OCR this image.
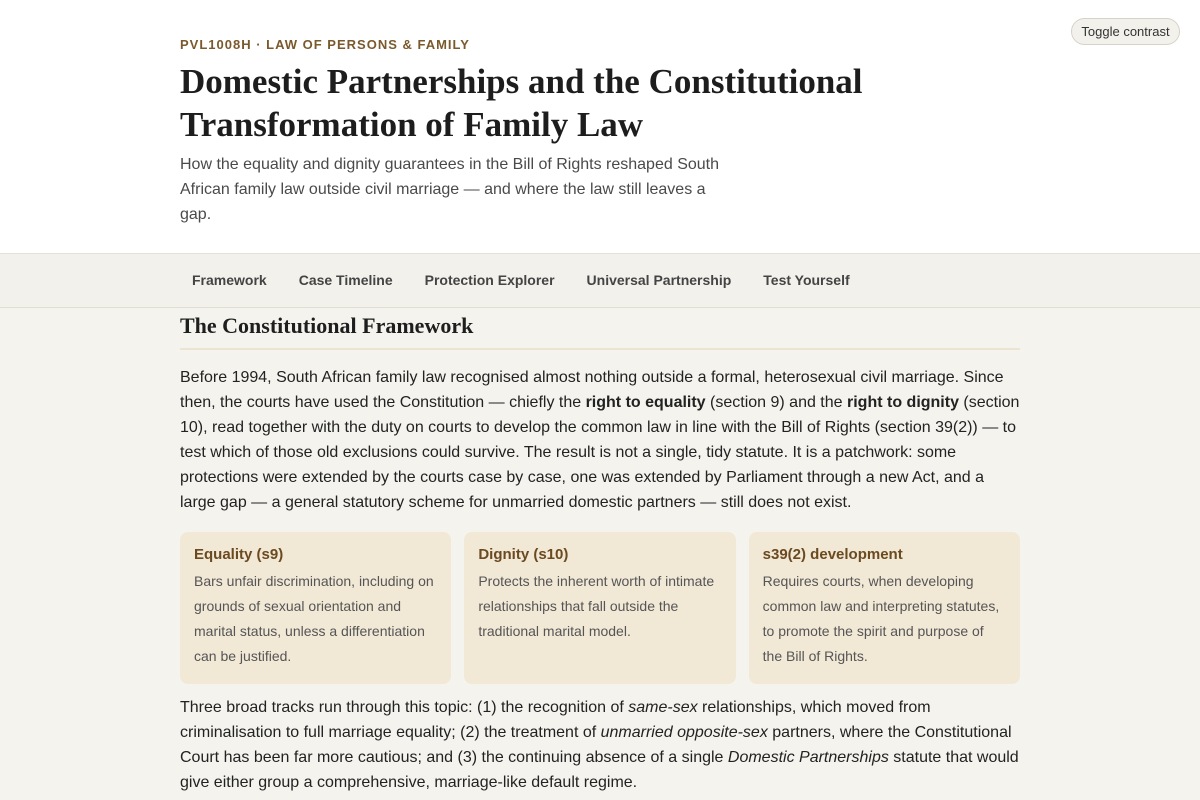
Toggle contrast
PVL1008H · LAW OF PERSONS & FAMILY
Domestic Partnerships and the Constitutional Transformation of Family Law

How the equality and dignity guarantees in the Bill of Rights reshaped South African family law outside civil marriage — and where the law still leaves a gap.

Framework	Case Timeline	Protection Explorer	Universal Partnership	Test Yourself
The Constitutional Framework

Before 1994, South African family law recognised almost nothing outside a formal, heterosexual civil marriage. Since then, the courts have used the Constitution — chiefly the right to equality (section 9) and the right to dignity (section 10), read together with the duty on courts to develop the common law in line with the Bill of Rights (section 39(2)) — to test which of those old exclusions could survive. The result is not a single, tidy statute. It is a patchwork: some protections were extended by the courts case by case, one was extended by Parliament through a new Act, and a large gap — a general statutory scheme for unmarried domestic partners — still does not exist.

Equality (s9)
Bars unfair discrimination, including on grounds of sexual orientation and marital status, unless a differentiation can be justified.
Dignity (s10)
Protects the inherent worth of intimate relationships that fall outside the traditional marital model.
s39(2) development
Requires courts, when developing common law and interpreting statutes, to promote the spirit and purpose of the Bill of Rights.

Three broad tracks run through this topic: (1) the recognition of same-sex relationships, which moved from criminalisation to full marriage equality; (2) the treatment of unmarried opposite-sex partners, where the Constitutional Court has been far more cautious; and (3) the continuing absence of a single Domestic Partnerships statute that would give either group a comprehensive, marriage-like default regime.
